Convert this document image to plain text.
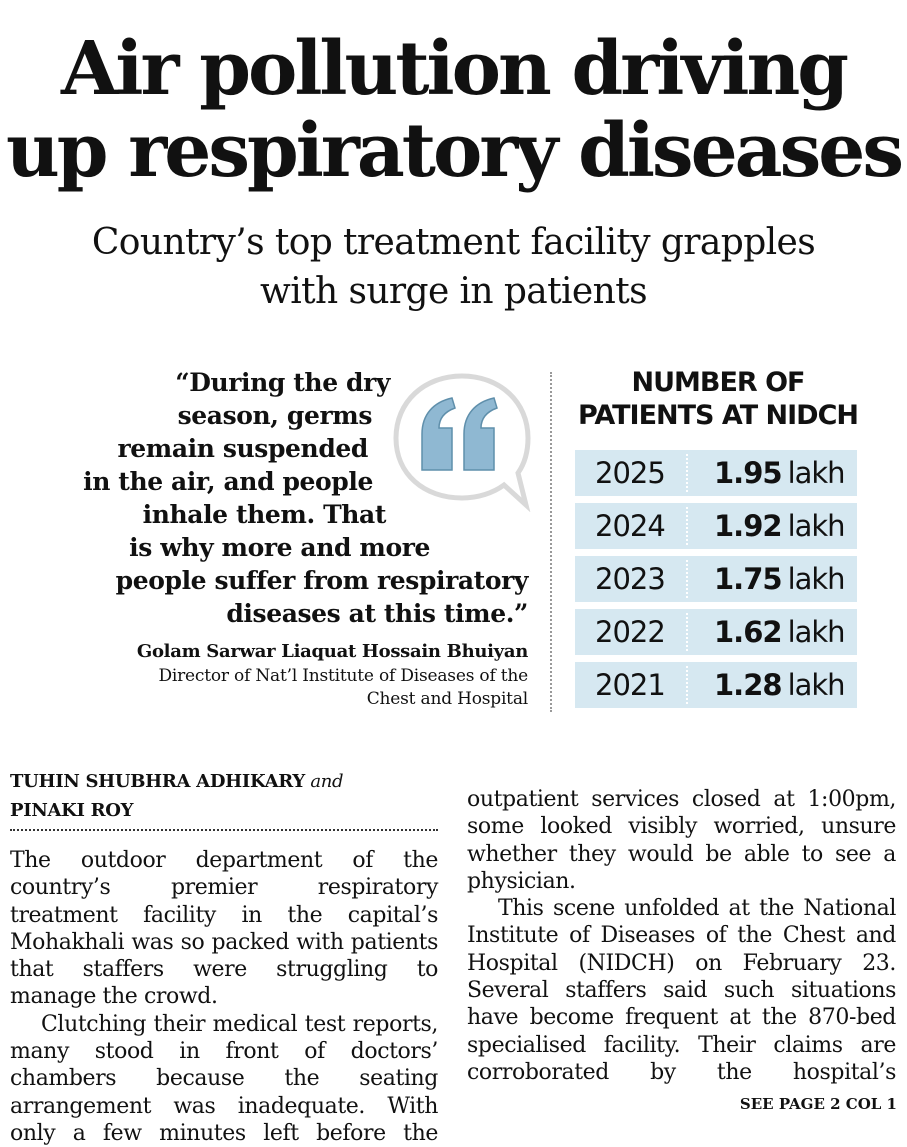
Air pollution driving
up respiratory diseases
Country’s top treatment facility grapples
with surge in patients
“During the dry
season, germs
remain suspended
in the air, and people
inhale them. That
is why more and more
people suffer from respiratory
diseases at this time.”
Golam Sarwar Liaquat Hossain Bhuiyan
Director of Nat’l Institute of Diseases of the
Chest and Hospital
NUMBER OF
PATIENTS AT NIDCH
2025 1.95 lakh
2024 1.92 lakh
2023 1.75 lakh
2022 1.62 lakh
2021 1.28 lakh
TUHIN SHUBHRA ADHIKARY and
PINAKI ROY

The outdoor department of the country’s premier respiratory treatment facility in the capital’s Mohakhali was so packed with patients that staffers were struggling to manage the crowd.

Clutching their medical test reports, many stood in front of doctors’ chambers because the seating arrangement was inadequate. With only a few minutes left before the

outpatient services closed at 1:00pm, some looked visibly worried, unsure whether they would be able to see a physician.

This scene unfolded at the National Institute of Diseases of the Chest and Hospital (NIDCH) on February 23. Several staffers said such situations have become frequent at the 870-bed specialised facility. Their claims are corroborated by the hospital’s

SEE PAGE 2 COL 1
